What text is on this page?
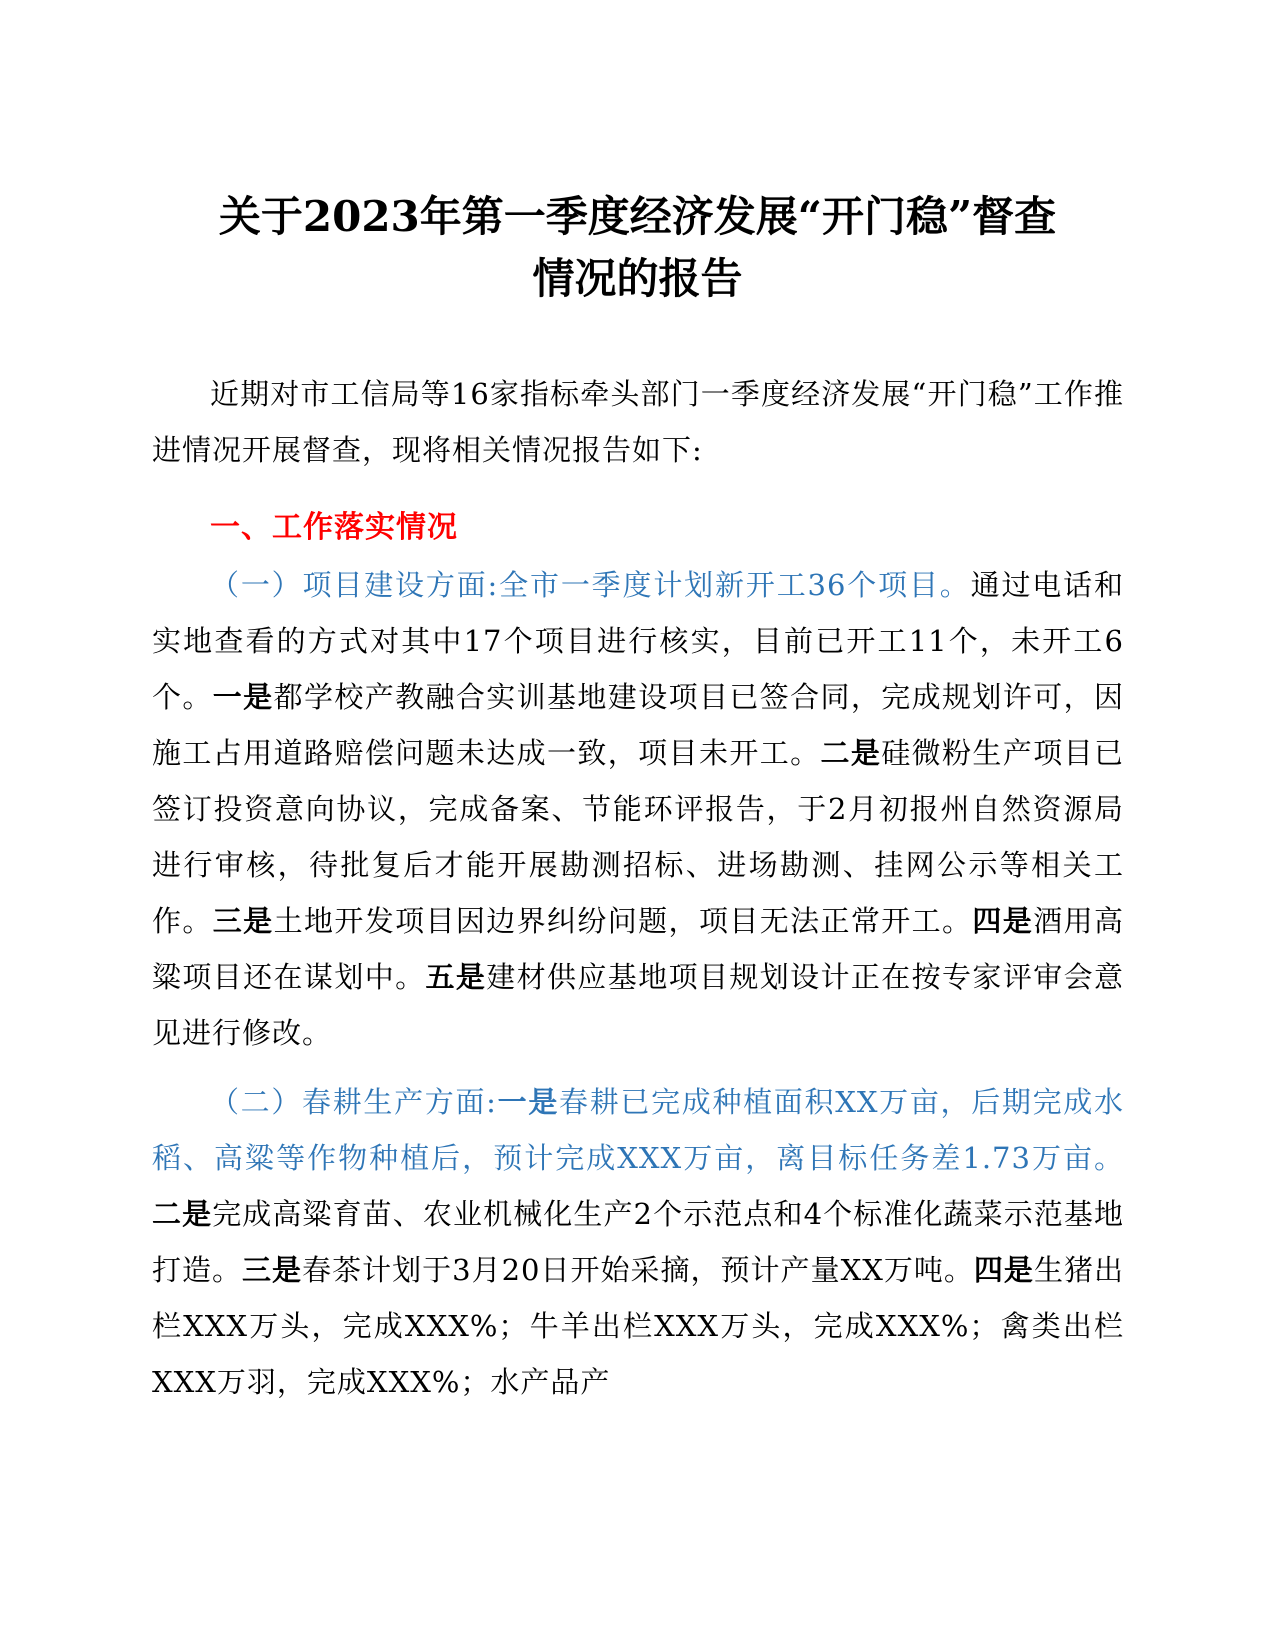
关于2023年第一季度经济发展“开门稳”督查
情况的报告

近期对市工信局等16家指标牵头部门一季度经济发展“开门稳”工作推进情况开展督查，现将相关情况报告如下:

一、工作落实情况

（一）项目建设方面:全市一季度计划新开工36个项目。通过电话和实地查看的方式对其中17个项目进行核实，目前已开工11个，未开工6个。一是都学校产教融合实训基地建设项目已签合同，完成规划许可，因施工占用道路赔偿问题未达成一致，项目未开工。二是硅微粉生产项目已签订投资意向协议，完成备案、节能环评报告，于2月初报州自然资源局进行审核，待批复后才能开展勘测招标、进场勘测、挂网公示等相关工作。三是土地开发项目因边界纠纷问题，项目无法正常开工。四是酒用高粱项目还在谋划中。五是建材供应基地项目规划设计正在按专家评审会意见进行修改。

（二）春耕生产方面:一是春耕已完成种植面积XX万亩，后期完成水稻、高粱等作物种植后，预计完成XXX万亩，离目标任务差1.73万亩。二是完成高粱育苗、农业机械化生产2个示范点和4个标准化蔬菜示范基地打造。三是春茶计划于3月20日开始采摘，预计产量XX万吨。四是生猪出栏XXX万头，完成XXX%；牛羊出栏XXX万头，完成XXX%；禽类出栏XXX万羽，完成XXX%；水产品产
